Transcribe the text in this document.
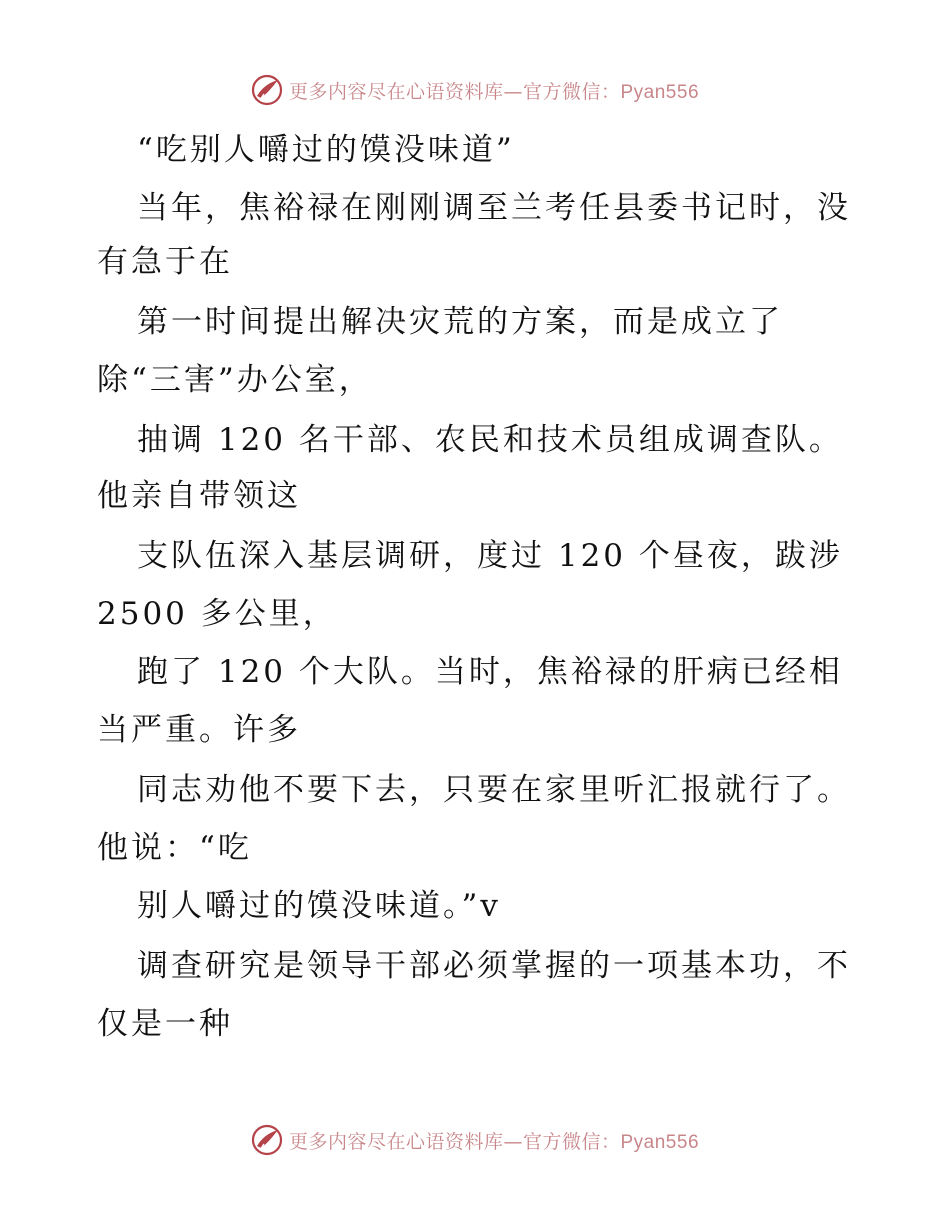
更多内容尽在心语资料库—官方微信：Pyan556
“吃别人嚼过的馍没味道”
当年，焦裕禄在刚刚调至兰考任县委书记时，没
有急于在
第一时间提出解决灾荒的方案，而是成立了
除“三害”办公室，
抽调 120 名干部、农民和技术员组成调查队。
他亲自带领这
支队伍深入基层调研，度过 120 个昼夜，跋涉
2500 多公里，
跑了 120 个大队。当时，焦裕禄的肝病已经相
当严重。许多
同志劝他不要下去，只要在家里听汇报就行了。
他说：“吃
别人嚼过的馍没味道。”v
调查研究是领导干部必须掌握的一项基本功，不
仅是一种
更多内容尽在心语资料库—官方微信：Pyan556
